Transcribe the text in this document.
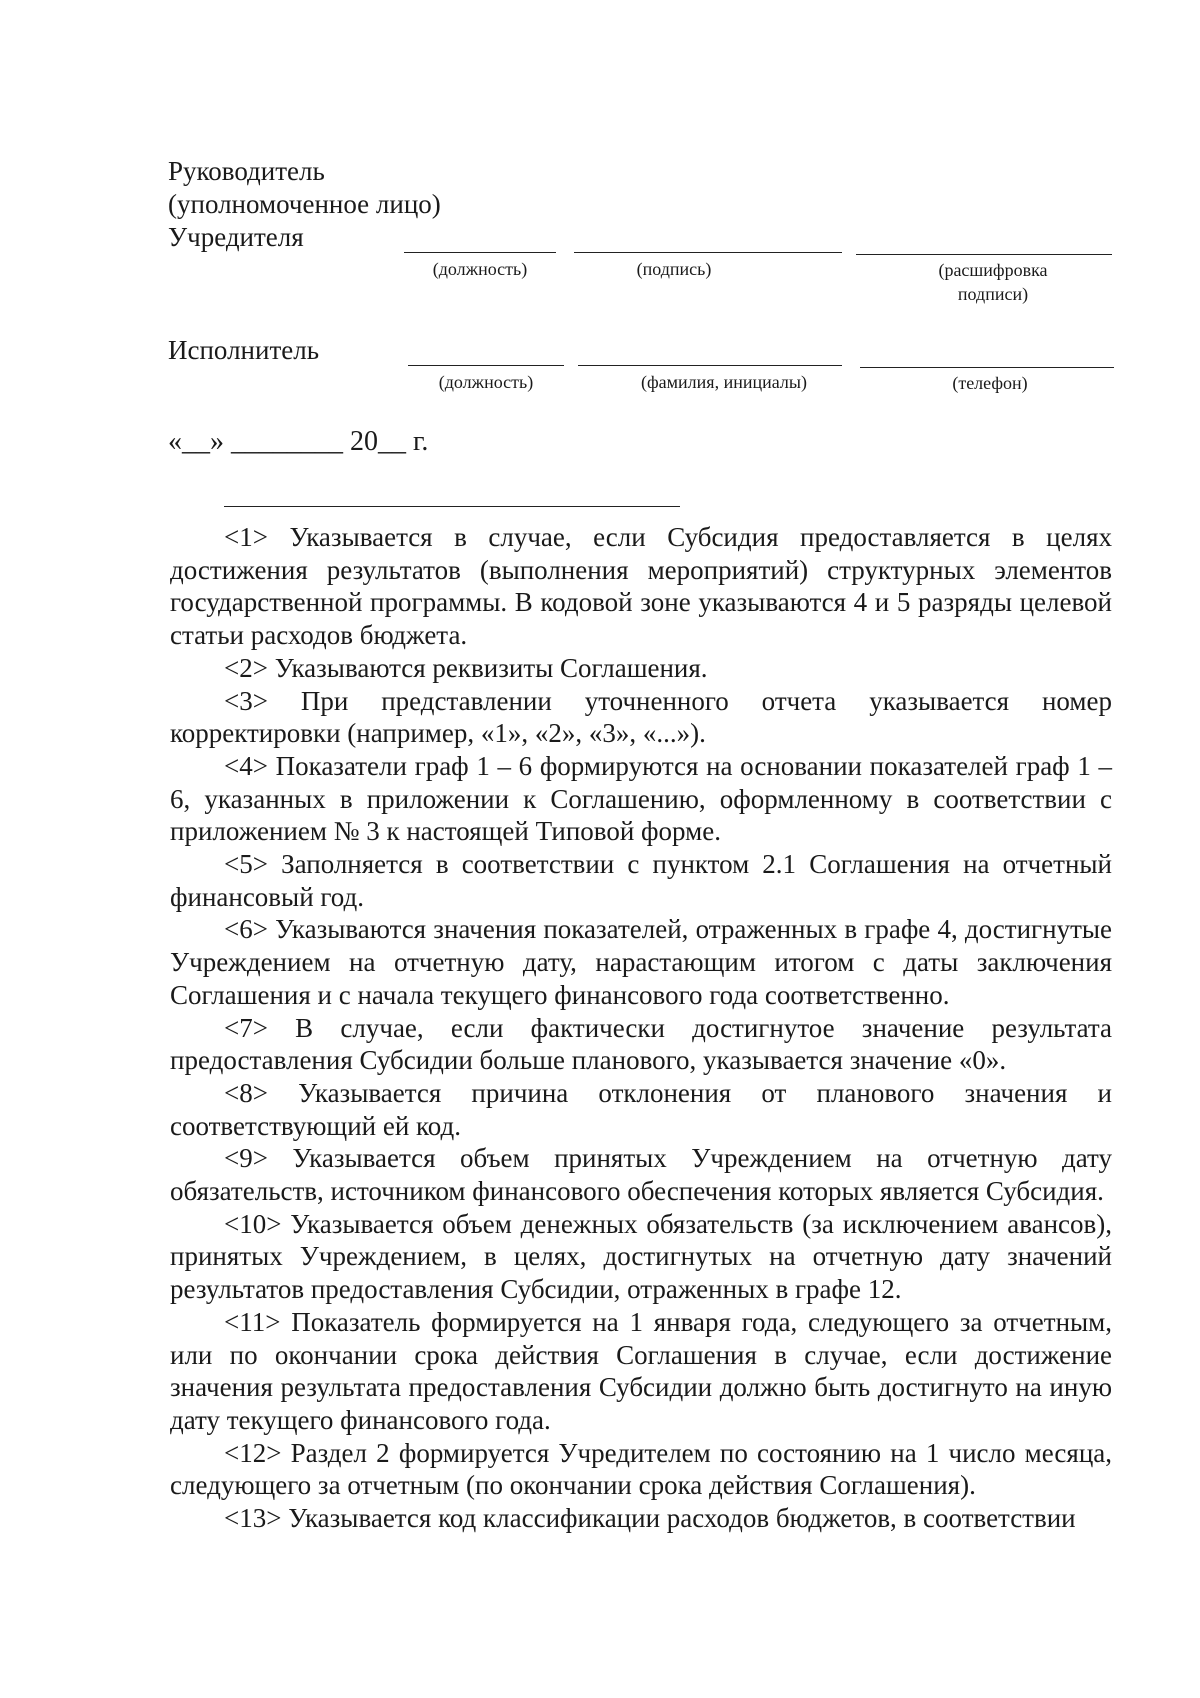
Руководитель
(уполномоченное лицо)
Учредителя
(должность)	(подпись)	(расшифровка
подписи)
Исполнитель
(должность)	(фамилия, инициалы)	(телефон)
«__» ________ 20__ г.

<1> Указывается в случае, если Субсидия предоставляется в целях достижения результатов (выполнения мероприятий) структурных элементов государственной программы. В кодовой зоне указываются 4 и 5 разряды целевой статьи расходов бюджета.

<2> Указываются реквизиты Соглашения.

<3> При представлении уточненного отчета указывается номер корректировки (например, «1», «2», «3», «...»).

<4> Показатели граф 1 – 6 формируются на основании показателей граф 1 – 6, указанных в приложении к Соглашению, оформленному в соответствии с приложением № 3 к настоящей Типовой форме.

<5> Заполняется в соответствии с пунктом 2.1 Соглашения на отчетный финансовый год.

<6> Указываются значения показателей, отраженных в графе 4, достигнутые Учреждением на отчетную дату, нарастающим итогом с даты заключения Соглашения и с начала текущего финансового года соответственно.

<7> В случае, если фактически достигнутое значение результата предоставления Субсидии больше планового, указывается значение «0».

<8> Указывается причина отклонения от планового значения и соответствующий ей код.

<9> Указывается объем принятых Учреждением на отчетную дату обязательств, источником финансового обеспечения которых является Субсидия.

<10> Указывается объем денежных обязательств (за исключением авансов), принятых Учреждением, в целях, достигнутых на отчетную дату значений результатов предоставления Субсидии, отраженных в графе 12.

<11> Показатель формируется на 1 января года, следующего за отчетным, или по окончании срока действия Соглашения в случае, если достижение значения результата предоставления Субсидии должно быть достигнуто на иную дату текущего финансового года.

<12> Раздел 2 формируется Учредителем по состоянию на 1 число месяца, следующего за отчетным (по окончании срока действия Соглашения).

<13> Указывается код классификации расходов бюджетов, в соответствии
